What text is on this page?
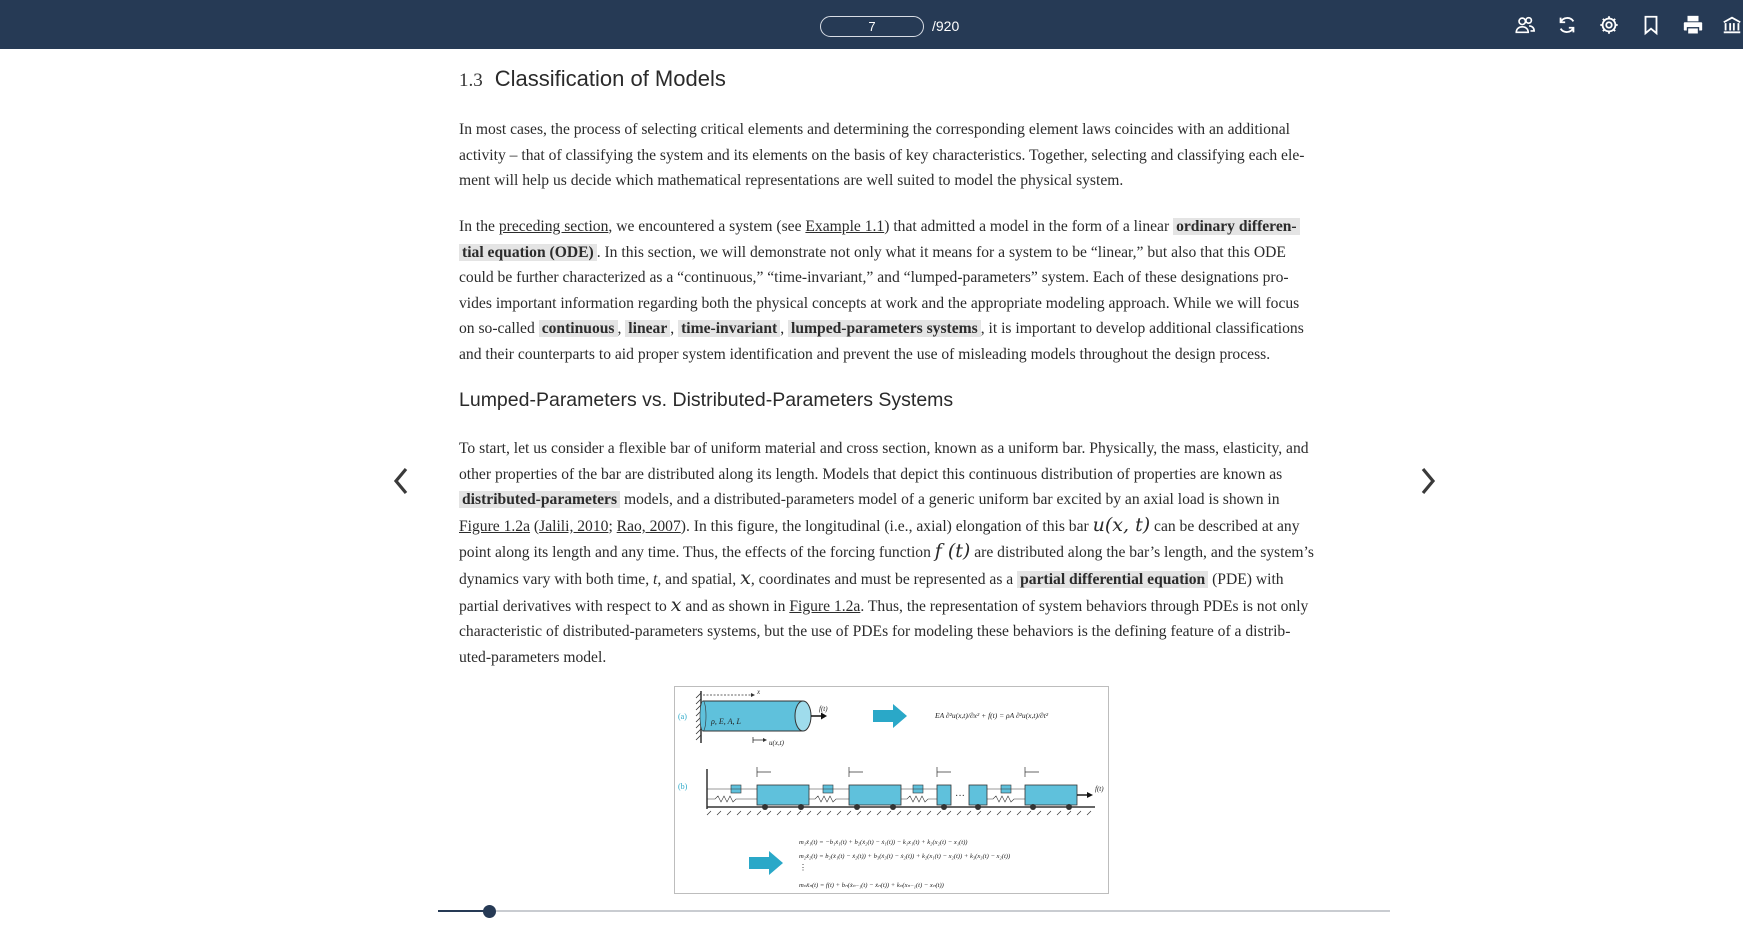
7	/920
1.3 Classification of Models
In most cases, the process of selecting critical elements and determining the corresponding element laws coincides with an additional
activity – that of classifying the system and its elements on the basis of key characteristics. Together, selecting and classifying each ele-
ment will help us decide which mathematical representations are well suited to model the physical system.
In the preceding section, we encountered a system (see Example 1.1) that admitted a model in the form of a linear ordinary differen-
tial equation (ODE) . In this section, we will demonstrate not only what it means for a system to be “linear,” but also that this ODE
could be further characterized as a “continuous,” “time-invariant,” and “lumped-parameters” system. Each of these designations pro-
vides important information regarding both the physical concepts at work and the appropriate modeling approach. While we will focus
on so-called continuous , linear , time-invariant , lumped-parameters systems , it is important to develop additional classifications
and their counterparts to aid proper system identification and prevent the use of misleading models throughout the design process.
Lumped-Parameters vs. Distributed-Parameters Systems
To start, let us consider a flexible bar of uniform material and cross section, known as a uniform bar. Physically, the mass, elasticity, and
other properties of the bar are distributed along its length. Models that depict this continuous distribution of properties are known as
distributed-parameters models, and a distributed-parameters model of a generic uniform bar excited by an axial load is shown in
Figure 1.2a (Jalili, 2010; Rao, 2007). In this figure, the longitudinal (i.e., axial) elongation of this bar u(x, t) can be described at any
point along its length and any time. Thus, the effects of the forcing function f (t) are distributed along the bar’s length, and the system’s
dynamics vary with both time, t, and spatial, x, coordinates and must be represented as a partial differential equation (PDE) with
partial derivatives with respect to x and as shown in Figure 1.2a. Thus, the representation of system behaviors through PDEs is not only
characteristic of distributed-parameters systems, but the use of PDEs for modeling these behaviors is the defining feature of a distrib-
uted-parameters model.
(a)
x
ρ, E, A, L
f(t)
u(x,t)
EA ∂²u(x,t)/∂x² + f(t) = ρA ∂²u(x,t)/∂t²
(b)
···
f(t)
m₁ẍ₁(t) = −b₁ẋ₁(t) + b₂(ẋ₂(t) − ẋ₁(t)) − k₁x₁(t) + k₂(x₂(t) − x₁(t))
m₂ẍ₂(t) = b₂(ẋ₁(t) − ẋ₂(t)) + b₃(ẋ₃(t) − ẋ₂(t)) + k₂(x₁(t) − x₂(t)) + k₃(x₃(t) − x₂(t))
⋮
mₙẍₙ(t) = f(t) + bₙ(ẋₙ₋₁(t) − ẋₙ(t)) + kₙ(xₙ₋₁(t) − xₙ(t))
